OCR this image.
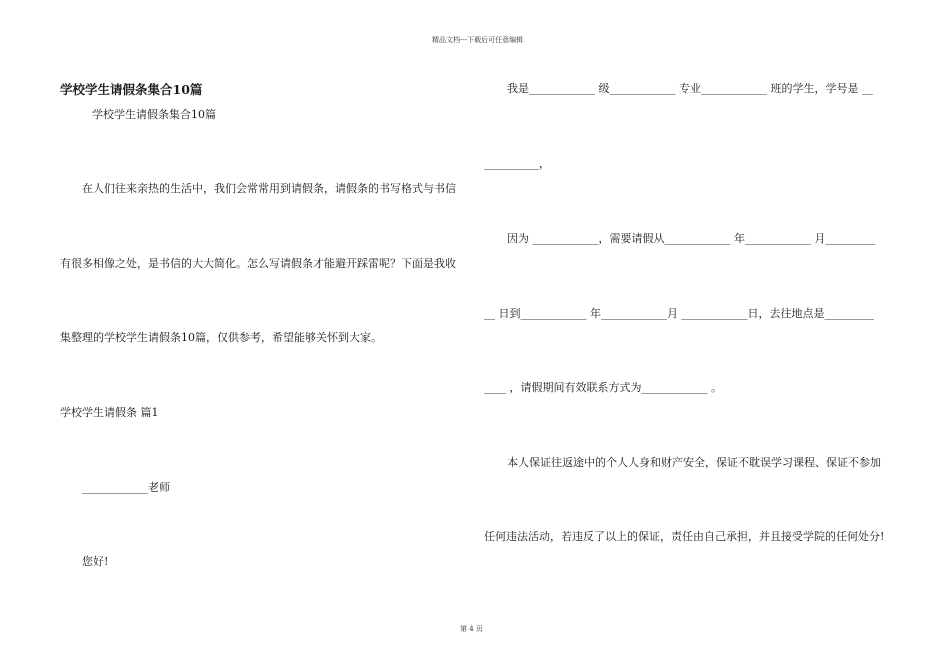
精品文档---下载后可任意编辑
学校学生请假条集合10篇
学校学生请假条集合10篇
在人们往来亲热的生活中，我们会常常用到请假条，请假条的书写格式与书信
有很多相像之处，是书信的大大简化。怎么写请假条才能避开踩雷呢？下面是我收
集整理的学校学生请假条10篇，仅供参考，希望能够关怀到大家。
学校学生请假条 篇1
____________老师
您好!
我是____________ 级____________ 专业____________ 班的学生，学号是 __
__________，
因为 ____________，需要请假从____________ 年____________ 月_________
__ 日到____________ 年____________月 ____________日，去往地点是_________
____ ，请假期间有效联系方式为____________ 。
本人保证往返途中的个人人身和财产安全，保证不耽误学习课程、保证不参加
任何违法活动，若违反了以上的保证，责任由自己承担，并且接受学院的任何处分!
第 4 页
